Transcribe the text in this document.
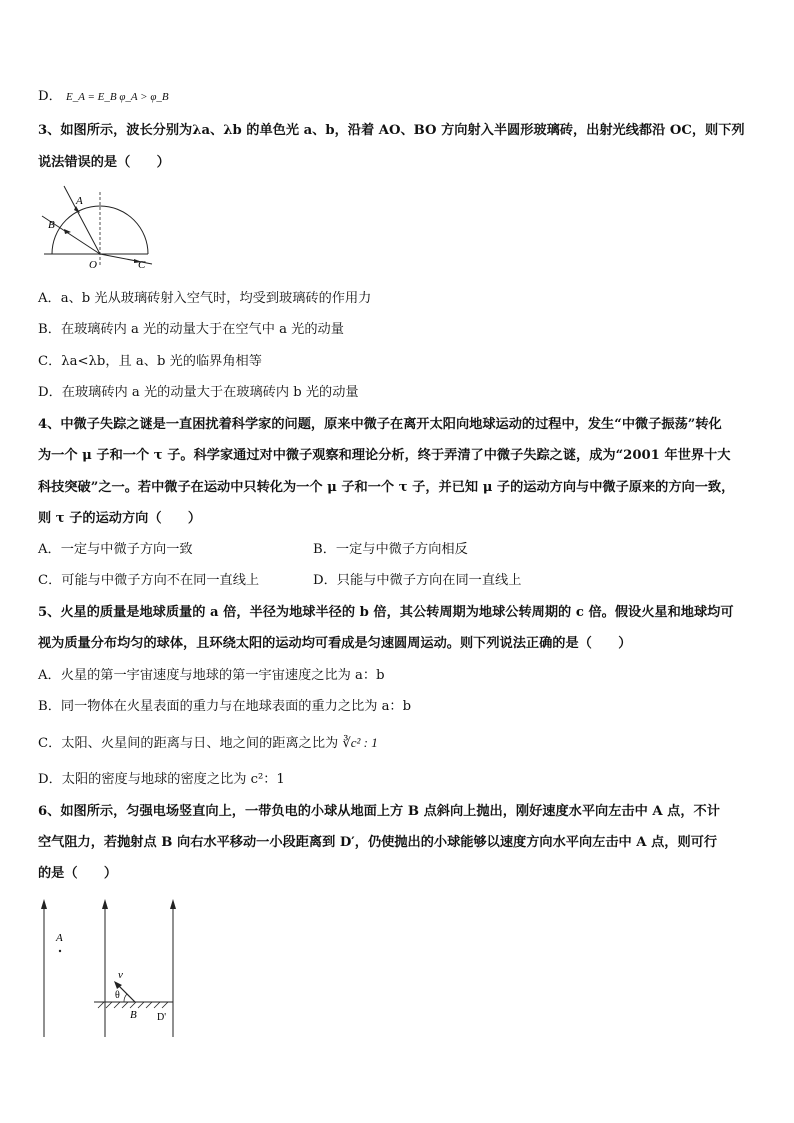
D． E_A = E_B φ_A > φ_B
3、如图所示，波长分别为λa、λb 的单色光 a、b，沿着 AO、BO 方向射入半圆形玻璃砖，出射光线都沿 OC，则下列
说法错误的是（　　）
A
B
O	C
A．a、b 光从玻璃砖射入空气时，均受到玻璃砖的作用力
B．在玻璃砖内 a 光的动量大于在空气中 a 光的动量
C．λa<λb，且 a、b 光的临界角相等
D．在玻璃砖内 a 光的动量大于在玻璃砖内 b 光的动量
4、中微子失踪之谜是一直困扰着科学家的问题，原来中微子在离开太阳向地球运动的过程中，发生“中微子振荡”转化
为一个 μ 子和一个 τ 子。科学家通过对中微子观察和理论分析，终于弄清了中微子失踪之谜，成为“2001 年世界十大
科技突破”之一。若中微子在运动中只转化为一个 μ 子和一个 τ 子，并已知 μ 子的运动方向与中微子原来的方向一致，
则 τ 子的运动方向（　　）
A．一定与中微子方向一致	B．一定与中微子方向相反
C．可能与中微子方向不在同一直线上	D．只能与中微子方向在同一直线上
5、火星的质量是地球质量的 a 倍，半径为地球半径的 b 倍，其公转周期为地球公转周期的 c 倍。假设火星和地球均可
视为质量分布均匀的球体，且环绕太阳的运动均可看成是匀速圆周运动。则下列说法正确的是（　　）
A．火星的第一宇宙速度与地球的第一宇宙速度之比为 a：b
B．同一物体在火星表面的重力与在地球表面的重力之比为 a：b
C．太阳、火星间的距离与日、地之间的距离之比为 ∛c² : 1
D．太阳的密度与地球的密度之比为 c²：1
6、如图所示，匀强电场竖直向上，一带负电的小球从地面上方 B 点斜向上抛出，刚好速度水平向左击中 A 点，不计
空气阻力，若抛射点 B 向右水平移动一小段距离到 D′，仍使抛出的小球能够以速度方向水平向左击中 A 点，则可行
的是（　　）
A
v
θ
B D'
